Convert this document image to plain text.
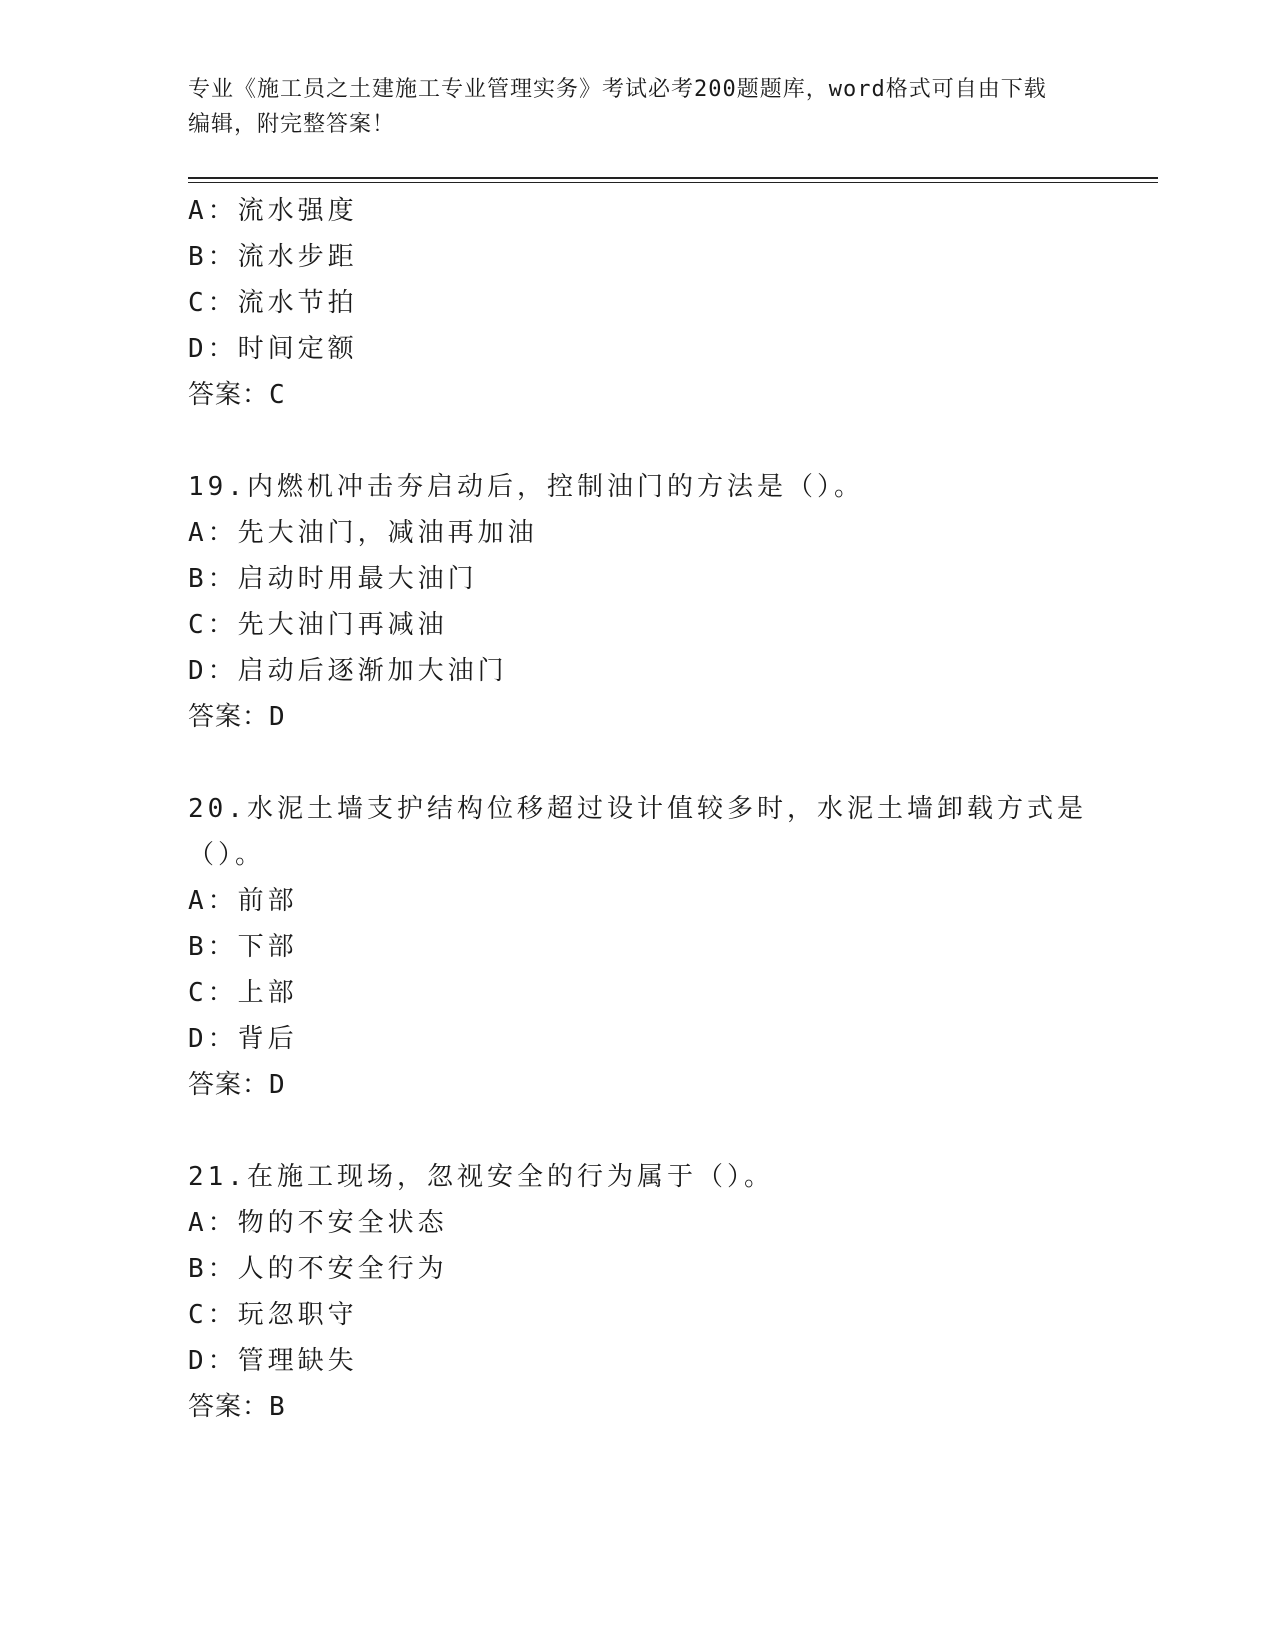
专业《施工员之土建施工专业管理实务》考试必考200题题库，word格式可自由下载编辑，附完整答案！
A：流水强度
B：流水步距
C：流水节拍
D：时间定额
答案：C
19.内燃机冲击夯启动后，控制油门的方法是（）。
A：先大油门，减油再加油
B：启动时用最大油门
C：先大油门再减油
D：启动后逐渐加大油门
答案：D
20.水泥土墙支护结构位移超过设计值较多时，水泥土墙卸载方式是（）。
A：前部
B：下部
C：上部
D：背后
答案：D
21.在施工现场，忽视安全的行为属于（）。
A：物的不安全状态
B：人的不安全行为
C：玩忽职守
D：管理缺失
答案：B
